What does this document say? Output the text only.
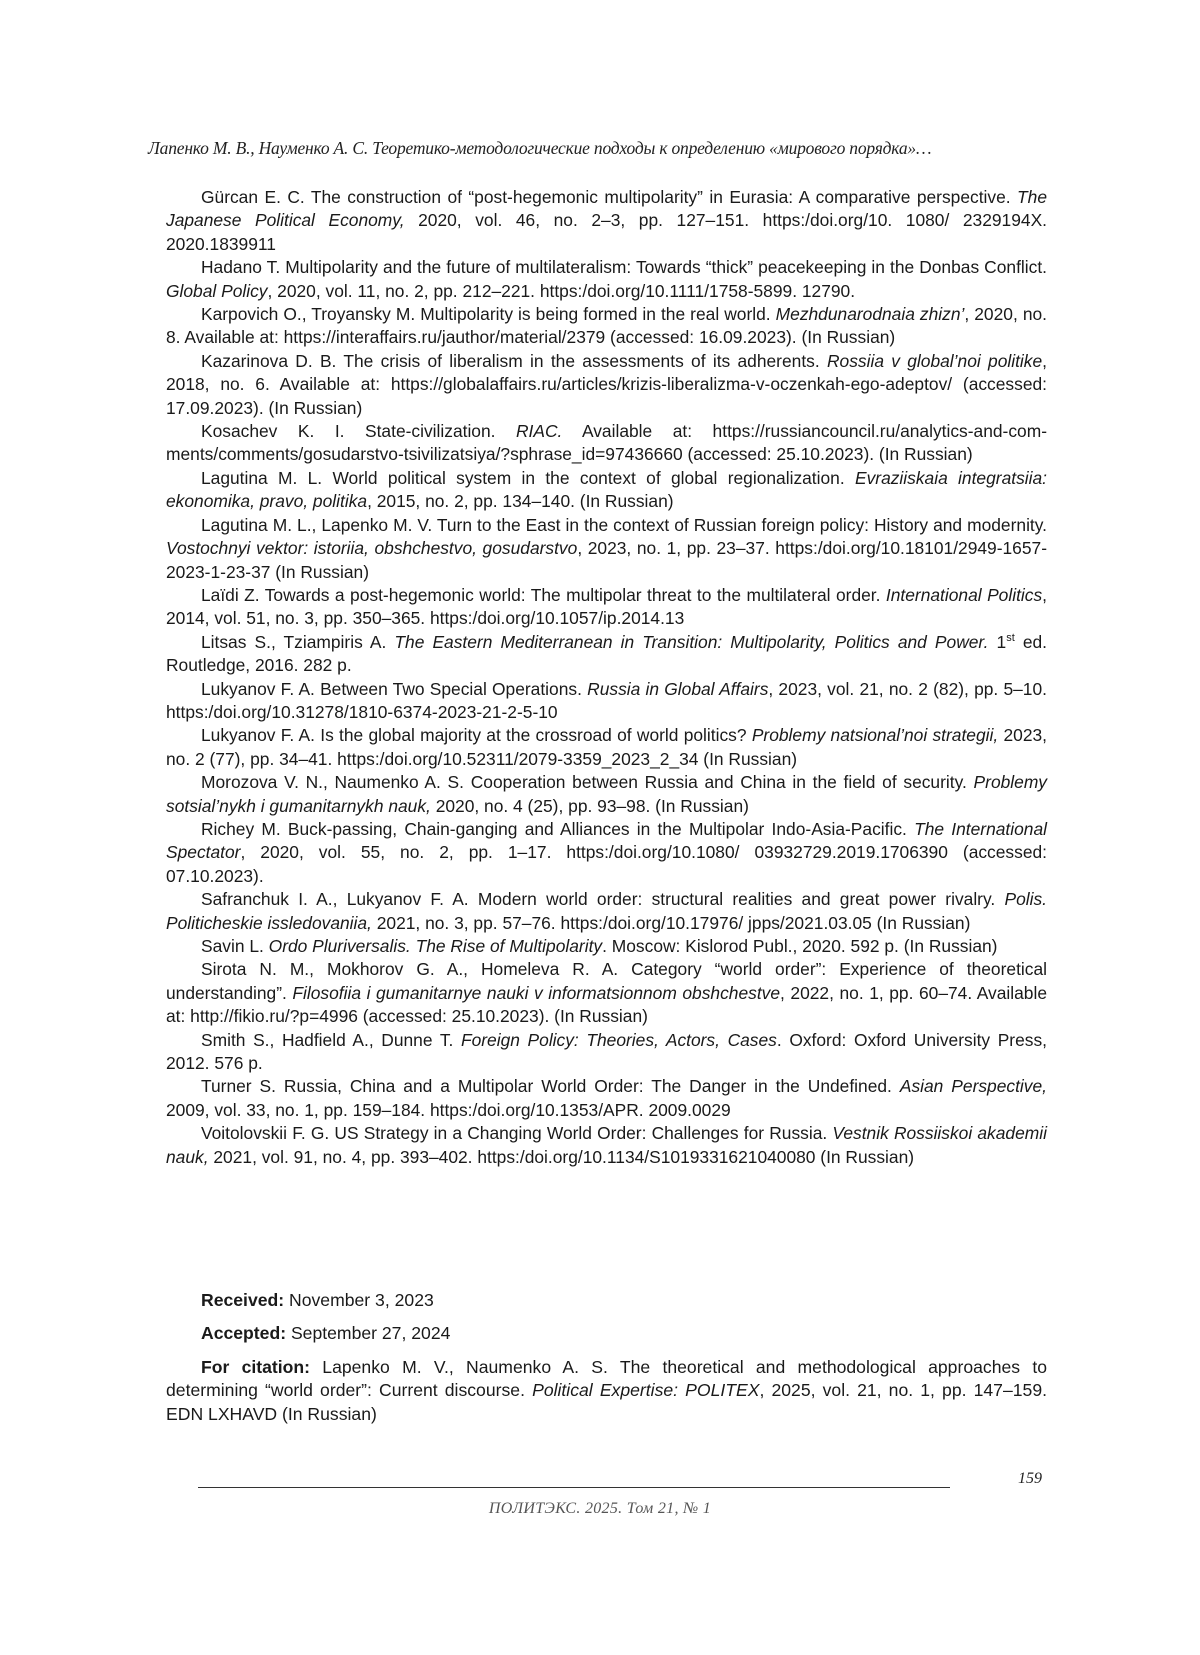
Лапенко М. В., Науменко А. С. Теоретико-методологические подходы к определению «мирового порядка»…

Gürcan E. C. The construction of “post-hegemonic multipolarity” in Eurasia: A comparative perspective. The Japanese Political Economy, 2020, vol. 46, no. 2–3, pp. 127–151. https:/doi.org/10. 1080/ 2329194X. 2020.1839911

Hadano T. Multipolarity and the future of multilateralism: Towards “thick” peacekeeping in the Donbas Conflict. Global Policy, 2020, vol. 11, no. 2, pp. 212–221. https:/doi.org/10.1111/1758-5899. 12790.

Karpovich O., Troyansky M. Multipolarity is being formed in the real world. Mezhdunarodnaia zhizn’, 2020, no. 8. Available at: https://interaffairs.ru/jauthor/material/2379 (accessed: 16.09.2023). (In Russian)

Kazarinova D. B. The crisis of liberalism in the assessments of its adherents. Rossiia v global’noi politike, 2018, no. 6. Available at: https://globalaffairs.ru/articles/krizis-liberalizma-v-oczenkah-ego-adeptov/ (accessed: 17.09.2023). (In Russian)

Kosachev K. I. State-civilization. RIAC. Available at: https://russiancouncil.ru/analytics-and-comments/comments/gosudarstvo-tsivilizatsiya/?sphrase_id=97436660 (accessed: 25.10.2023). (In Russian)

Lagutina M. L. World political system in the context of global regionalization. Evraziiskaia integratsiia: ekonomika, pravo, politika, 2015, no. 2, pp. 134–140. (In Russian)

Lagutina M. L., Lapenko M. V. Turn to the East in the context of Russian foreign policy: History and modernity. Vostochnyi vektor: istoriia, obshchestvo, gosudarstvo, 2023, no. 1, pp. 23–37. https:/doi.org/10.18101/2949-1657-2023-1-23-37 (In Russian)

Laïdi Z. Towards a post-hegemonic world: The multipolar threat to the multilateral order. International Politics, 2014, vol. 51, no. 3, pp. 350–365. https:/doi.org/10.1057/ip.2014.13

Litsas S., Tziampiris A. The Eastern Mediterranean in Transition: Multipolarity, Politics and Power. 1st ed. Routledge, 2016. 282 p.

Lukyanov F. A. Between Two Special Operations. Russia in Global Affairs, 2023, vol. 21, no. 2 (82), pp. 5–10. https:/doi.org/10.31278/1810-6374-2023-21-2-5-10

Lukyanov F. A. Is the global majority at the crossroad of world politics? Problemy natsional’noi strategii, 2023, no. 2 (77), pp. 34–41. https:/doi.org/10.52311/2079-3359_2023_2_34 (In Russian)

Morozova V. N., Naumenko A. S. Cooperation between Russia and China in the field of security. Problemy sotsial’nykh i gumanitarnykh nauk, 2020, no. 4 (25), pp. 93–98. (In Russian)

Richey M. Buck-passing, Chain-ganging and Alliances in the Multipolar Indo-Asia-Pacific. The International Spectator, 2020, vol. 55, no. 2, pp. 1–17. https:/doi.org/10.1080/ 03932729.2019.1706390 (accessed: 07.10.2023).

Safranchuk I. A., Lukyanov F. A. Modern world order: structural realities and great power rivalry. Polis. Politicheskie issledovaniia, 2021, no. 3, pp. 57–76. https:/doi.org/10.17976/ jpps/2021.03.05 (In Russian)

Savin L. Ordo Pluriversalis. The Rise of Multipolarity. Moscow: Kislorod Publ., 2020. 592 p. (In Russian)

Sirota N. M., Mokhorov G. A., Homeleva R. A. Category “world order”: Experience of theoretical understanding”. Filosofiia i gumanitarnye nauki v informatsionnom obshchestve, 2022, no. 1, pp. 60–74. Available at: http://fikio.ru/?p=4996 (accessed: 25.10.2023). (In Russian)

Smith S., Hadfield A., Dunne T. Foreign Policy: Theories, Actors, Cases. Oxford: Oxford University Press, 2012. 576 p.

Turner S. Russia, China and a Multipolar World Order: The Danger in the Undefined. Asian Perspective, 2009, vol. 33, no. 1, pp. 159–184. https:/doi.org/10.1353/APR. 2009.0029

Voitolovskii F. G. US Strategy in a Changing World Order: Challenges for Russia. Vestnik Rossiiskoi akademii nauk, 2021, vol. 91, no. 4, pp. 393–402. https:/doi.org/10.1134/S1019331621040080 (In Russian)

Received: November 3, 2023

Accepted: September 27, 2024

For citation: Lapenko M. V., Naumenko A. S. The theoretical and methodological approaches to determining “world order”: Current discourse. Political Expertise: POLITEX, 2025, vol. 21, no. 1, pp. 147–159. EDN LXHAVD (In Russian)

159
ПОЛИТЭКС. 2025. Том 21, № 1
